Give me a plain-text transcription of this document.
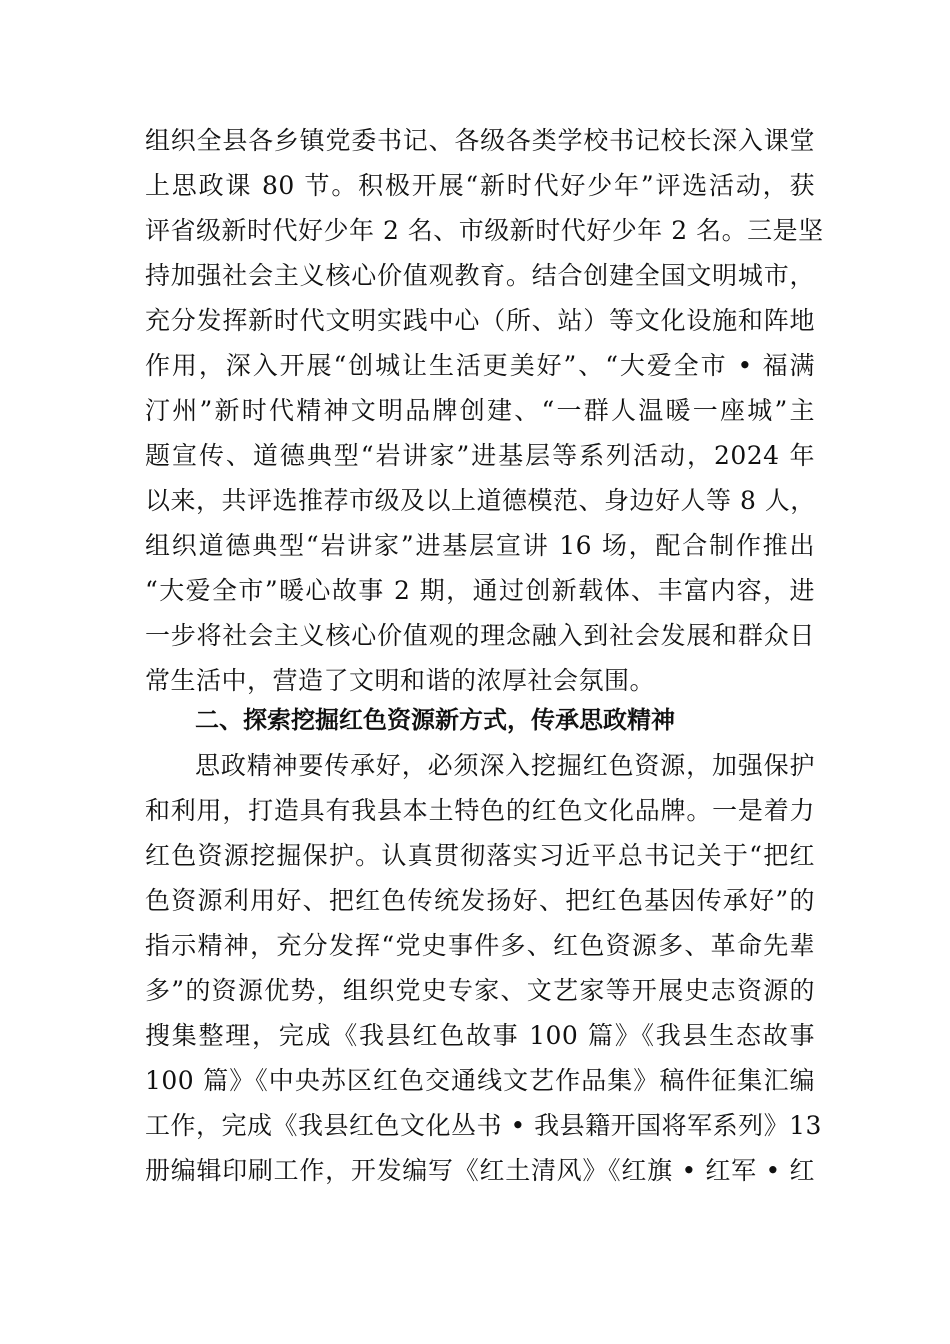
组织全县各乡镇党委书记、各级各类学校书记校长深入课堂
上思政课 80 节。积极开展“新时代好少年”评选活动，获
评省级新时代好少年 2 名、市级新时代好少年 2 名。三是坚
持加强社会主义核心价值观教育。结合创建全国文明城市，
充分发挥新时代文明实践中心（所、站）等文化设施和阵地
作用，深入开展“创城让生活更美好”、“大爱全市 • 福满
汀州”新时代精神文明品牌创建、“一群人温暖一座城”主
题宣传、道德典型“岩讲家”进基层等系列活动，2024 年
以来，共评选推荐市级及以上道德模范、身边好人等 8 人，
组织道德典型“岩讲家”进基层宣讲 16 场，配合制作推出
“大爱全市”暖心故事 2 期，通过创新载体、丰富内容，进
一步将社会主义核心价值观的理念融入到社会发展和群众日
常生活中，营造了文明和谐的浓厚社会氛围。
二、探索挖掘红色资源新方式，传承思政精神
思政精神要传承好，必须深入挖掘红色资源，加强保护
和利用，打造具有我县本土特色的红色文化品牌。一是着力
红色资源挖掘保护。认真贯彻落实习近平总书记关于“把红
色资源利用好、把红色传统发扬好、把红色基因传承好”的
指示精神，充分发挥“党史事件多、红色资源多、革命先辈
多”的资源优势，组织党史专家、文艺家等开展史志资源的
搜集整理，完成《我县红色故事 100 篇》《我县生态故事
100 篇》《中央苏区红色交通线文艺作品集》稿件征集汇编
工作，完成《我县红色文化丛书 • 我县籍开国将军系列》13
册编辑印刷工作，开发编写《红土清风》《红旗 • 红军 • 红
